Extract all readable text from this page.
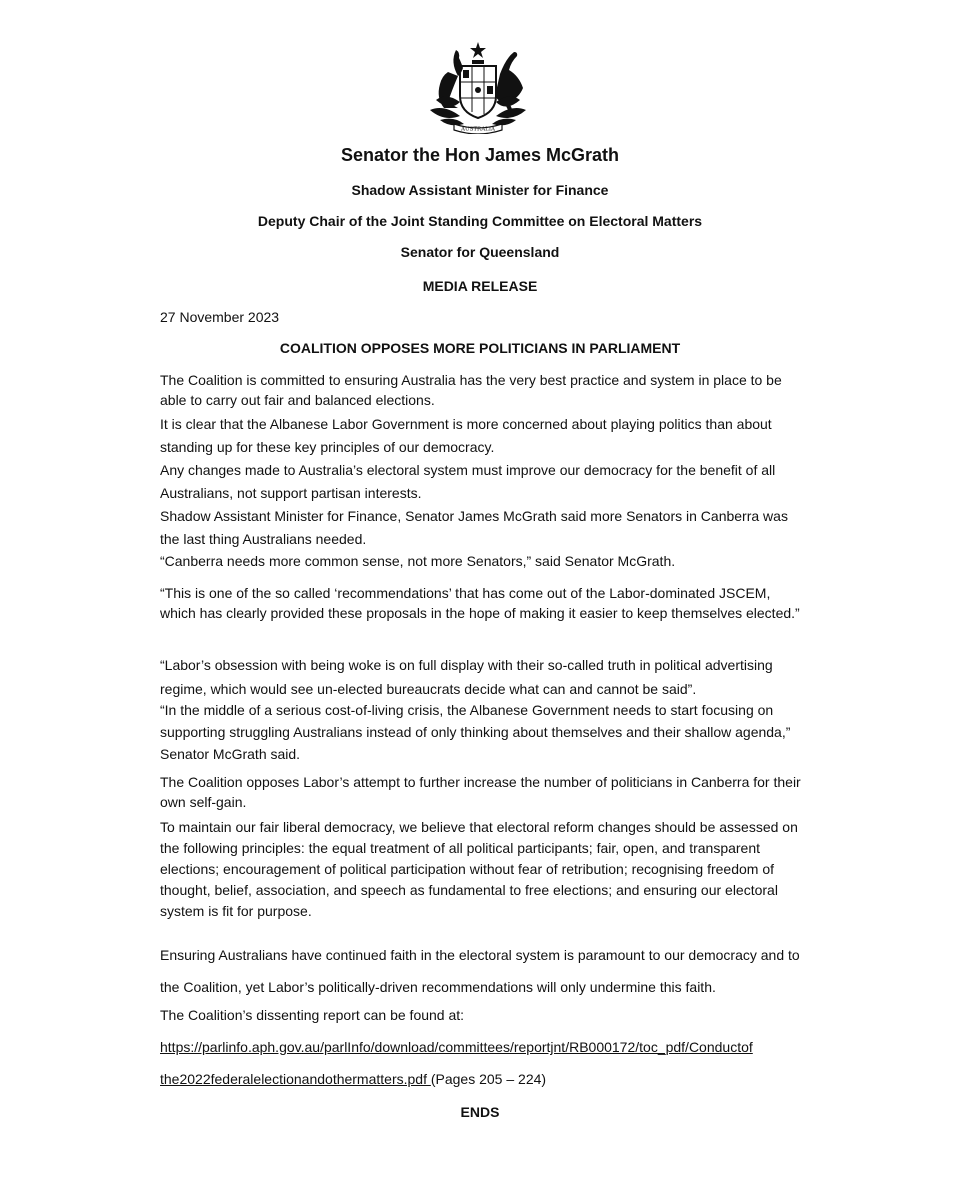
AUSTRALIA
Senator the Hon James McGrath
Shadow Assistant Minister for Finance
Deputy Chair of the Joint Standing Committee on Electoral Matters
Senator for Queensland
MEDIA RELEASE
27 November 2023
COALITION OPPOSES MORE POLITICIANS IN PARLIAMENT

The Coalition is committed to ensuring Australia has the very best practice and system in place to be able to carry out fair and balanced elections.

It is clear that the Albanese Labor Government is more concerned about playing politics than about standing up for these key principles of our democracy.

Any changes made to Australia’s electoral system must improve our democracy for the benefit of all Australians, not support partisan interests.

Shadow Assistant Minister for Finance, Senator James McGrath said more Senators in Canberra was the last thing Australians needed.

“Canberra needs more common sense, not more Senators,” said Senator McGrath.

“This is one of the so called ‘recommendations’ that has come out of the Labor-dominated JSCEM, which has clearly provided these proposals in the hope of making it easier to keep themselves elected.”

“Labor’s obsession with being woke is on full display with their so-called truth in political advertising regime, which would see un-elected bureaucrats decide what can and cannot be said”.

“In the middle of a serious cost-of-living crisis, the Albanese Government needs to start focusing on supporting struggling Australians instead of only thinking about themselves and their shallow agenda,” Senator McGrath said.

The Coalition opposes Labor’s attempt to further increase the number of politicians in Canberra for their own self-gain.

To maintain our fair liberal democracy, we believe that electoral reform changes should be assessed on the following principles: the equal treatment of all political participants; fair, open, and transparent elections; encouragement of political participation without fear of retribution; recognising freedom of thought, belief, association, and speech as fundamental to free elections; and ensuring our electoral system is fit for purpose.

Ensuring Australians have continued faith in the electoral system is paramount to our democracy and to the Coalition, yet Labor’s politically-driven recommendations will only undermine this faith.

The Coalition’s dissenting report can be found at:

https://parlinfo.aph.gov.au/parlInfo/download/committees/reportjnt/RB000172/toc_pdf/Conductof
the2022federalelectionandothermatters.pdf (Pages 205 – 224)
ENDS
